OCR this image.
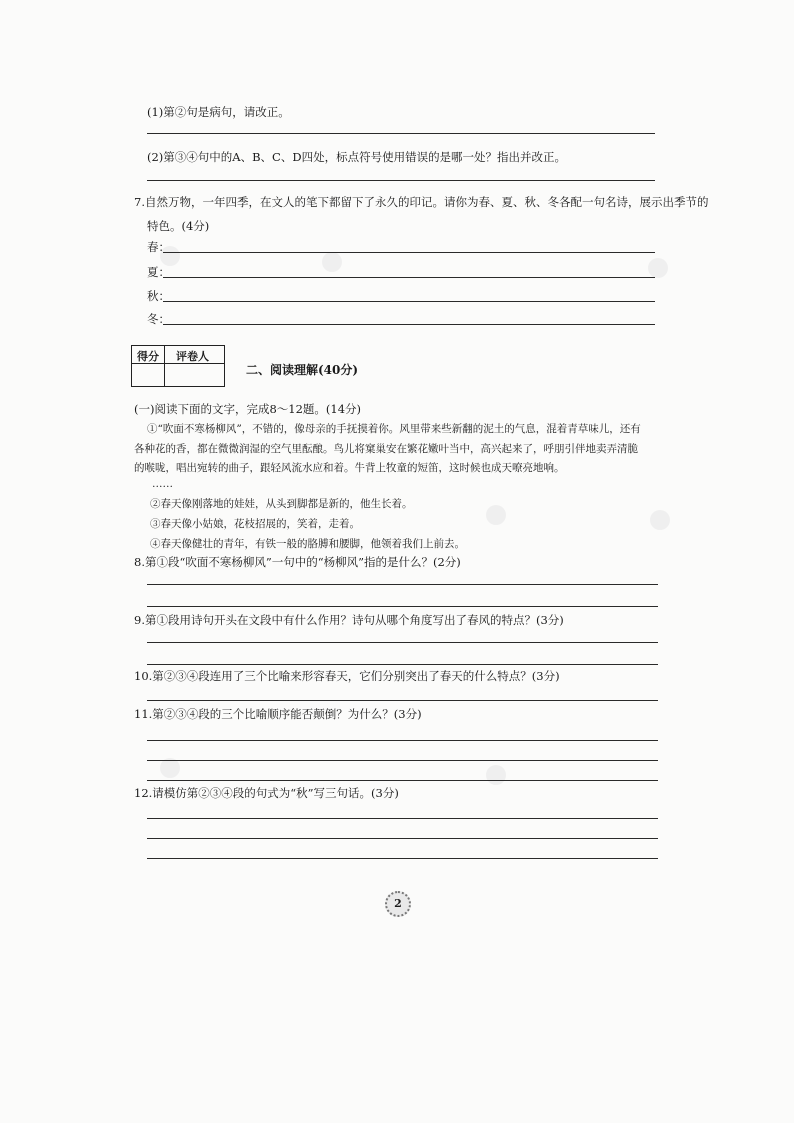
(1)第②句是病句，请改正。
(2)第③④句中的A、B、C、D四处，标点符号使用错误的是哪一处？指出并改正。
7.自然万物，一年四季，在文人的笔下都留下了永久的印记。请你为春、夏、秋、冬各配一句名诗，展示出季节的
特色。(4分)
春：
夏：
秋：
冬：
得分 评卷人
二、阅读理解(40分)
(一)阅读下面的文字，完成8～12题。(14分)
①“吹面不寒杨柳风”，不错的，像母亲的手抚摸着你。风里带来些新翻的泥土的气息，混着青草味儿，还有
各种花的香，都在微微润湿的空气里酝酿。鸟儿将窠巢安在繁花嫩叶当中，高兴起来了，呼朋引伴地卖弄清脆
的喉咙，唱出宛转的曲子，跟轻风流水应和着。牛背上牧童的短笛，这时候也成天嘹亮地响。
……
②春天像刚落地的娃娃，从头到脚都是新的，他生长着。
③春天像小姑娘，花枝招展的，笑着，走着。
④春天像健壮的青年，有铁一般的胳膊和腰脚，他领着我们上前去。
8.第①段“吹面不寒杨柳风”一句中的“杨柳风”指的是什么？(2分)
9.第①段用诗句开头在文段中有什么作用？诗句从哪个角度写出了春风的特点？(3分)
10.第②③④段连用了三个比喻来形容春天，它们分别突出了春天的什么特点？(3分)
11.第②③④段的三个比喻顺序能否颠倒？为什么？(3分)
12.请模仿第②③④段的句式为“秋”写三句话。(3分)
2
